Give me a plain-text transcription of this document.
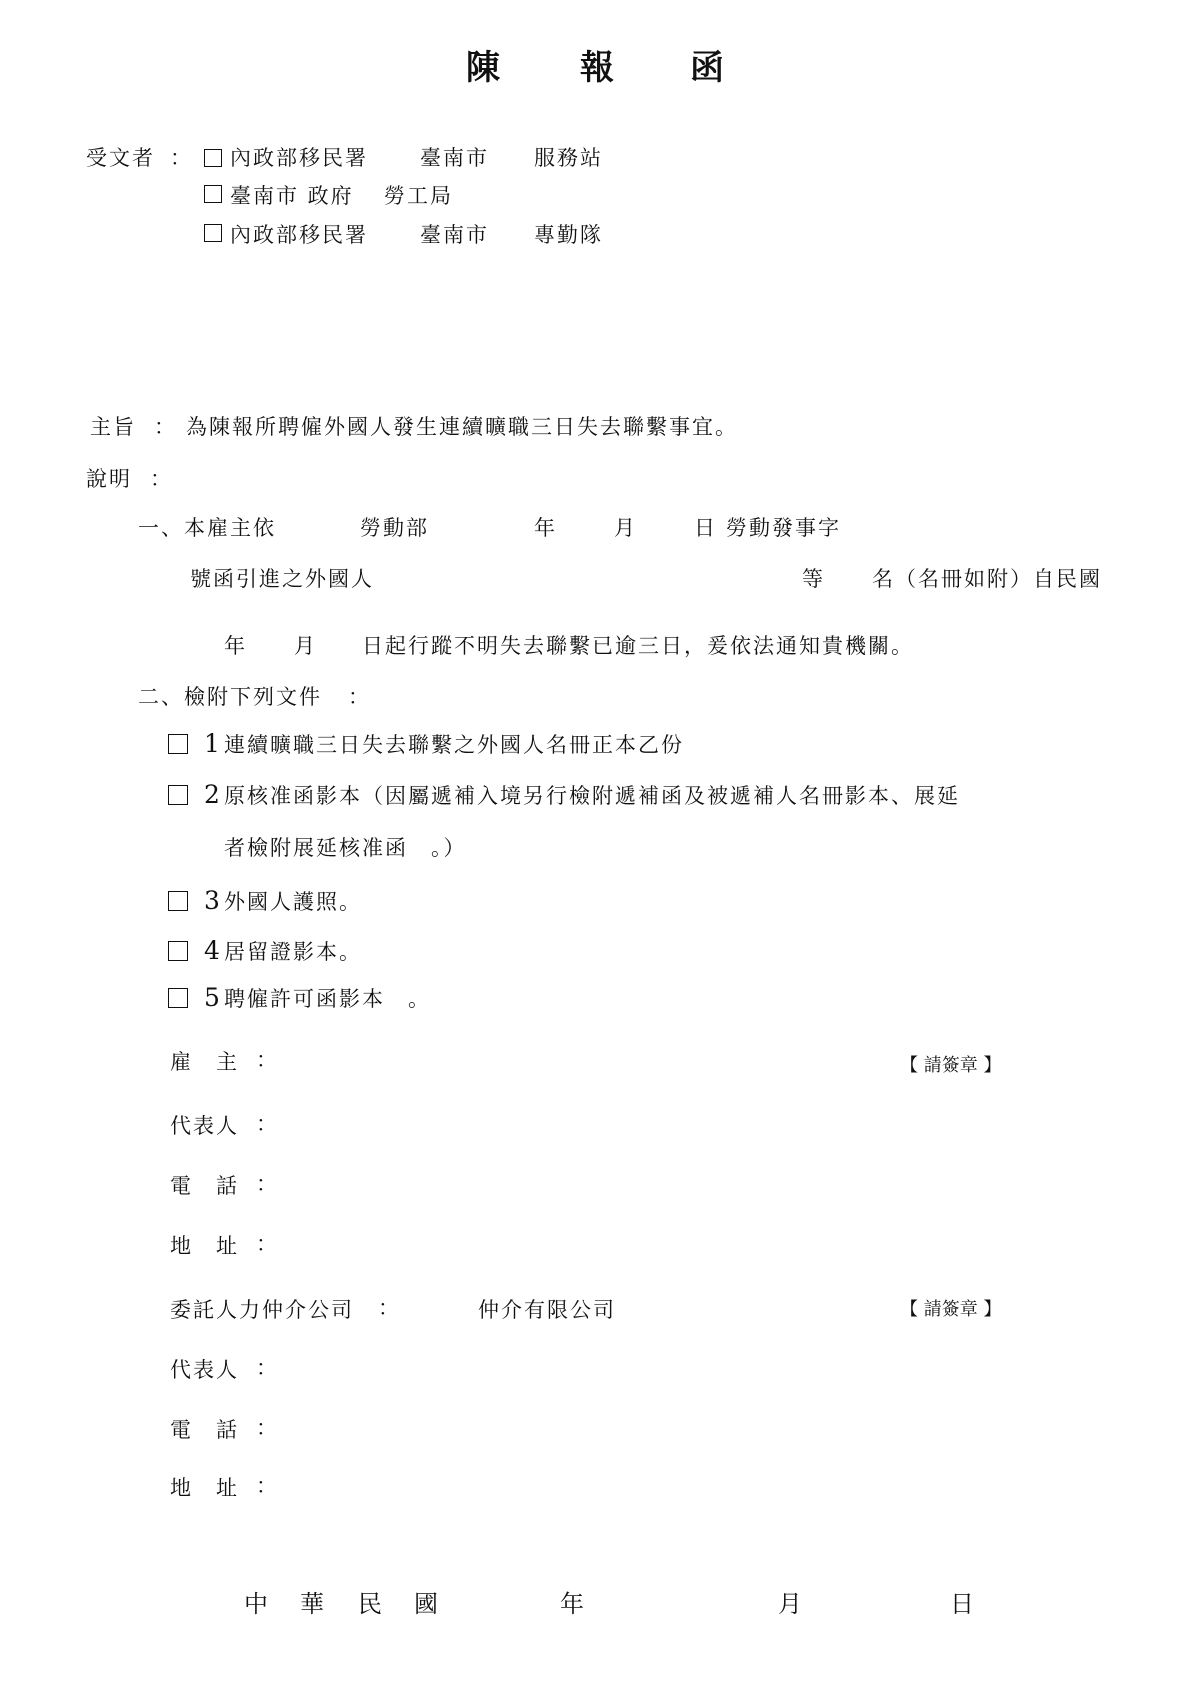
陳 報 函
受文者 ： 內政部移民署 臺南市 服務站
臺南市 政府 勞工局
內政部移民署 臺南市 專勤隊
主旨 ： 為陳報所聘僱外國人發生連續曠職三日失去聯繫事宜。
說明 ：
一、本雇主依	勞動部	年	月	日 勞動發事字
號函引進之外國人	等 名（名冊如附）自民國
年 月 日起行蹤不明失去聯繫已逾三日，爰依法通知貴機關。
二、檢附下列文件 ：
1 連續曠職三日失去聯繫之外國人名冊正本乙份
2 原核准函影本（因屬遞補入境另行檢附遞補函及被遞補人名冊影本、展延
者檢附展延核准函　。）
3 外國人護照。
4 居留證影本。
5 聘僱許可函影本　。
雇　主 ：	【 請簽章 】
代表人 ：
電　話 ：
地　址 ：
委託人力仲介公司 ：	仲介有限公司	【 請簽章 】
代表人 ：
電　話 ：
地　址 ：
中 華 民 國	年	月	日
